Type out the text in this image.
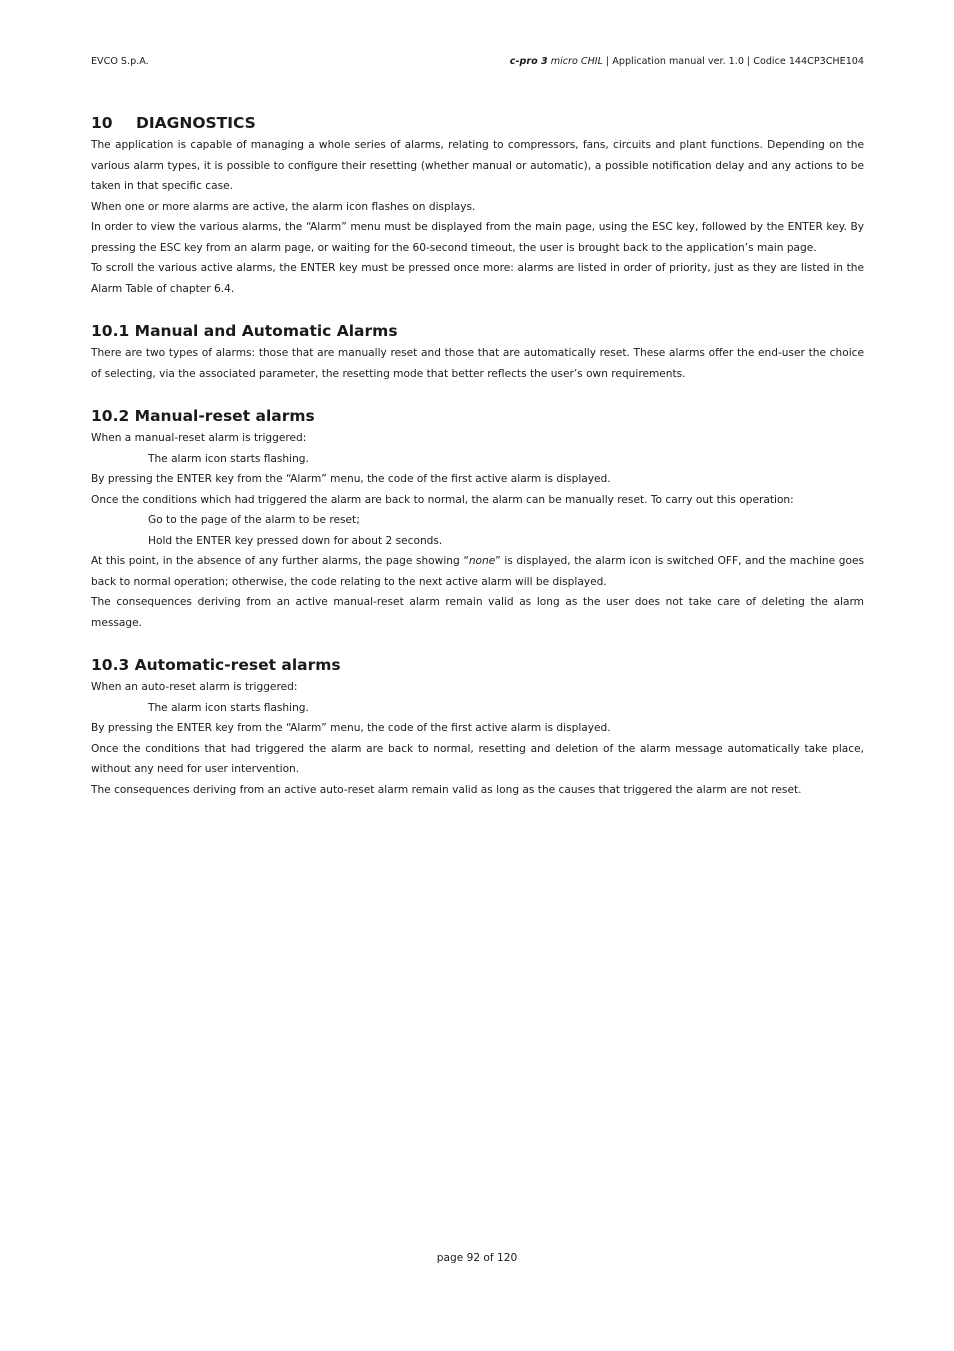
EVCO S.p.A.	c-pro 3 micro CHIL | Application manual ver. 1.0 | Codice 144CP3CHE104
10 DIAGNOSTICS

The application is capable of managing a whole series of alarms, relating to compressors, fans, circuits and plant functions. Depending on the various alarm types, it is possible to configure their resetting (whether manual or automatic), a possible notification delay and any actions to be taken in that specific case.

When one or more alarms are active, the alarm icon flashes on displays.

In order to view the various alarms, the “Alarm” menu must be displayed from the main page, using the ESC key, followed by the ENTER key. By pressing the ESC key from an alarm page, or waiting for the 60-second timeout, the user is brought back to the application’s main page.

To scroll the various active alarms, the ENTER key must be pressed once more: alarms are listed in order of priority, just as they are listed in the Alarm Table of chapter 6.4.

10.1 Manual and Automatic Alarms

There are two types of alarms: those that are manually reset and those that are automatically reset. These alarms offer the end-user the choice of selecting, via the associated parameter, the resetting mode that better reflects the user’s own requirements.

10.2 Manual-reset alarms

When a manual-reset alarm is triggered:

The alarm icon starts flashing.

By pressing the ENTER key from the “Alarm” menu, the code of the first active alarm is displayed.

Once the conditions which had triggered the alarm are back to normal, the alarm can be manually reset. To carry out this operation:

Go to the page of the alarm to be reset;

Hold the ENTER key pressed down for about 2 seconds.

At this point, in the absence of any further alarms, the page showing “none” is displayed, the alarm icon is switched OFF, and the machine goes back to normal operation; otherwise, the code relating to the next active alarm will be displayed.

The consequences deriving from an active manual-reset alarm remain valid as long as the user does not take care of deleting the alarm message.

10.3 Automatic-reset alarms

When an auto-reset alarm is triggered:

The alarm icon starts flashing.

By pressing the ENTER key from the “Alarm” menu, the code of the first active alarm is displayed.

Once the conditions that had triggered the alarm are back to normal, resetting and deletion of the alarm message automatically take place, without any need for user intervention.

The consequences deriving from an active auto-reset alarm remain valid as long as the causes that triggered the alarm are not reset.

page 92 of 120
